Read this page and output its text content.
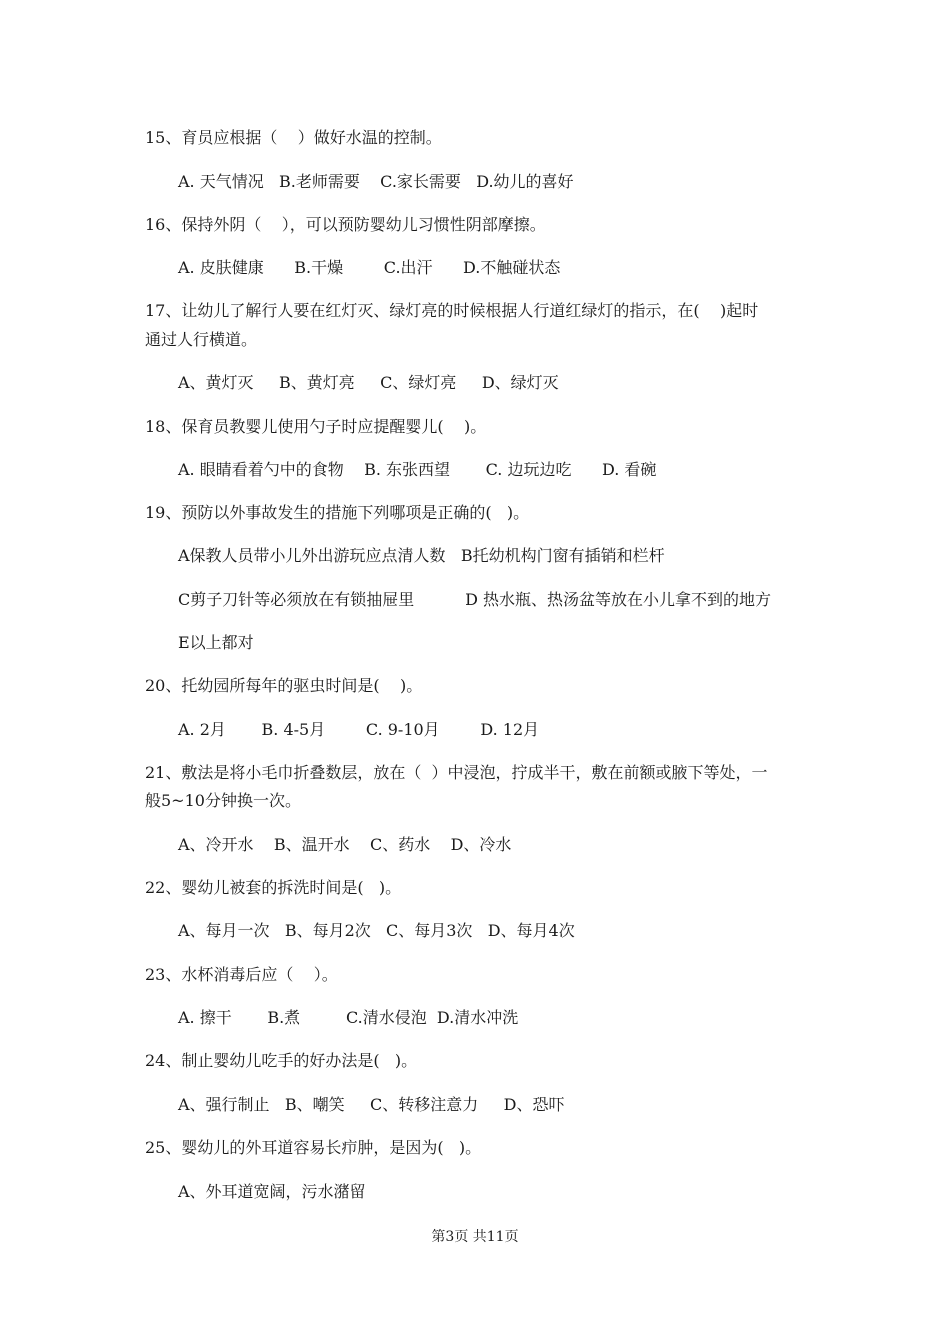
15、育员应根据（    ）做好水温的控制。
A. 天气情况   B.老师需要    C.家长需要   D.幼儿的喜好
16、保持外阴（    ），可以预防婴幼儿习惯性阴部摩擦。
A. 皮肤健康      B.干燥        C.出汗      D.不触碰状态
17、让幼儿了解行人要在红灯灭、绿灯亮的时候根据人行道红绿灯的指示，在(    )起时
通过人行横道。
A、黄灯灭     B、黄灯亮     C、绿灯亮     D、绿灯灭
18、保育员教婴儿使用勺子时应提醒婴儿(    )。
A. 眼睛看着勺中的食物    B. 东张西望       C. 边玩边吃      D. 看碗
19、预防以外事故发生的措施下列哪项是正确的(   )。
A保教人员带小儿外出游玩应点清人数   B托幼机构门窗有插销和栏杆
C剪子刀针等必须放在有锁抽屉里          D 热水瓶、热汤盆等放在小儿拿不到的地方
E以上都对
20、托幼园所每年的驱虫时间是(    )。
A. 2月       B. 4-5月        C. 9-10月        D. 12月
21、敷法是将小毛巾折叠数层，放在（  ）中浸泡，拧成半干，敷在前额或腋下等处，一
般5~10分钟换一次。
A、冷开水    B、温开水    C、药水    D、冷水
22、婴幼儿被套的拆洗时间是(   )。
A、每月一次   B、每月2次   C、每月3次   D、每月4次
23、水杯消毒后应（    ）。
A. 擦干       B.煮         C.清水侵泡  D.清水冲洗
24、制止婴幼儿吃手的好办法是(   )。
A、强行制止   B、嘲笑     C、转移注意力     D、恐吓
25、婴幼儿的外耳道容易长疖肿，是因为(   )。
A、外耳道宽阔，污水潴留
第3页 共11页
